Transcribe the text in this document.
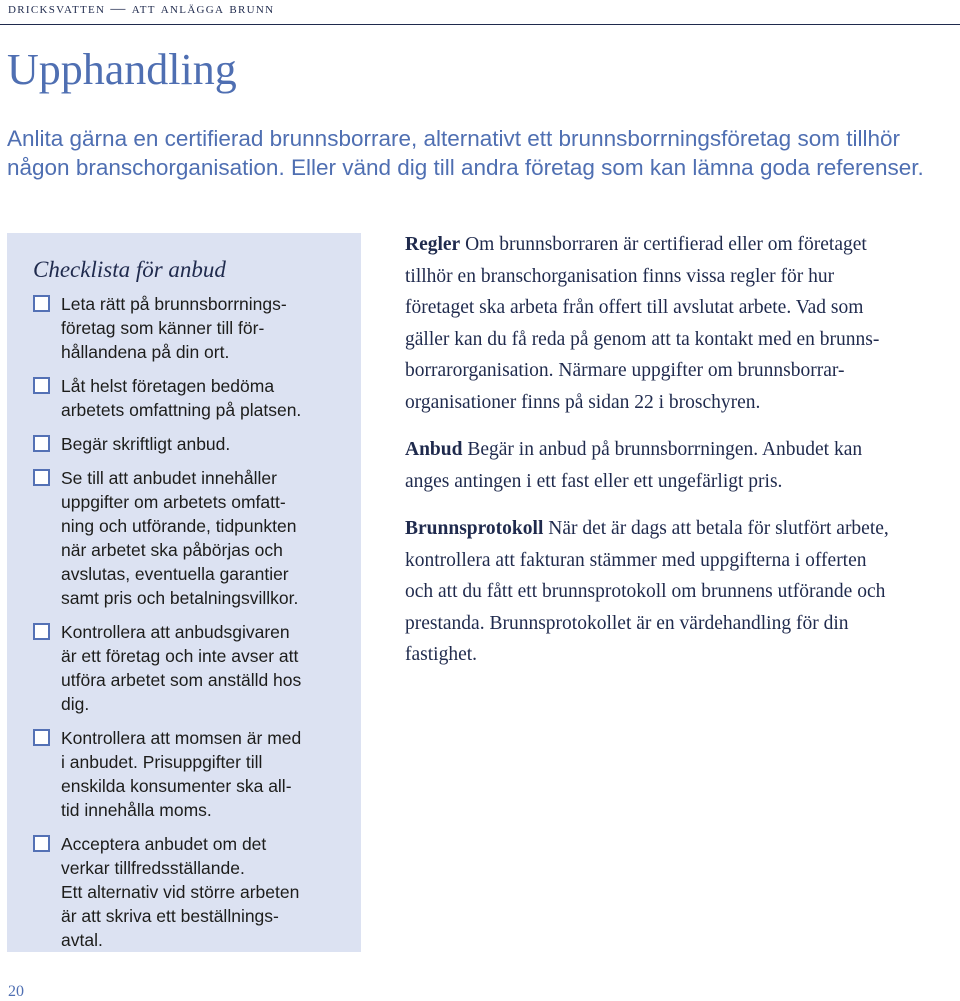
dricksvatten — att anlägga brunn
Upphandling

Anlita gärna en certifierad brunnsborrare, alternativt ett brunnsborrningsföretag som tillhör någon branschorganisation. Eller vänd dig till andra företag som kan lämna goda referenser.

Checklista för anbud
Leta rätt på brunnsborrnings-
företag som känner till för-
hållandena på din ort.
Låt helst företagen bedöma
arbetets omfattning på platsen.
Begär skriftligt anbud.
Se till att anbudet innehåller
uppgifter om arbetets omfatt-
ning och utförande, tidpunkten
när arbetet ska påbörjas och
avslutas, eventuella garantier
samt pris och betalningsvillkor.
Kontrollera att anbudsgivaren
är ett företag och inte avser att
utföra arbetet som anställd hos
dig.
Kontrollera att momsen är med
i anbudet. Prisuppgifter till
enskilda konsumenter ska all-
tid innehålla moms.
Acceptera anbudet om det
verkar tillfredsställande.
Ett alternativ vid större arbeten
är att skriva ett beställnings-
avtal.

Regler Om brunnsborraren är certifierad eller om företaget
tillhör en branschorganisation finns vissa regler för hur
företaget ska arbeta från offert till avslutat arbete. Vad som
gäller kan du få reda på genom att ta kontakt med en brunns-
borrarorganisation. Närmare uppgifter om brunnsborrar-
organisationer finns på sidan 22 i broschyren.

Anbud Begär in anbud på brunnsborrningen. Anbudet kan
anges antingen i ett fast eller ett ungefärligt pris.

Brunnsprotokoll När det är dags att betala för slutfört arbete,
kontrollera att fakturan stämmer med uppgifterna i offerten
och att du fått ett brunnsprotokoll om brunnens utförande och
prestanda. Brunnsprotokollet är en värdehandling för din
fastighet.

20
